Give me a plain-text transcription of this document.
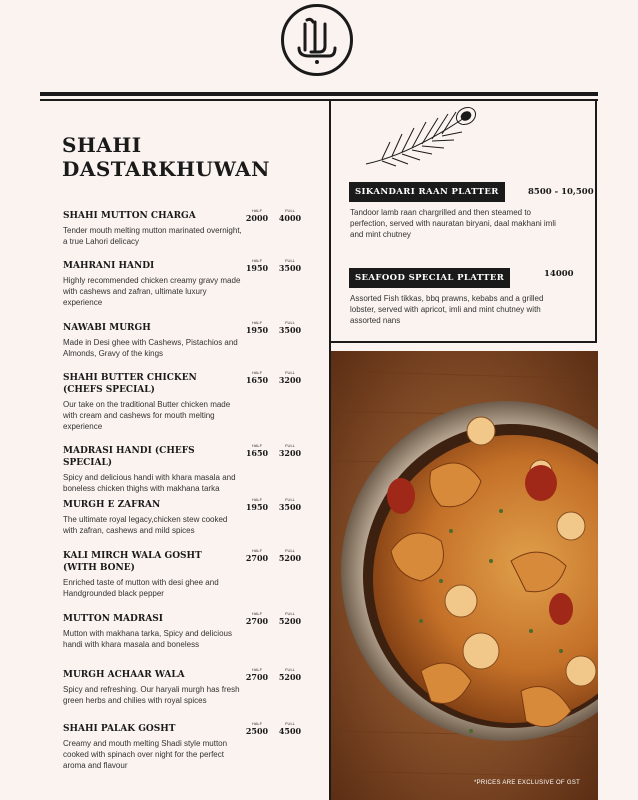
SHAHI
DASTARKHUWAN

SHAHI MUTTON CHARGA

Tender mouth melting mutton marinated overnight, a true Lahori delicacy

HALF
2000
FULL
4000

MAHRANI HANDI

Highly recommended chicken creamy gravy made with cashews and zafran, ultimate luxury experience

HALF
1950
FULL
3500

NAWABI MURGH

Made in Desi ghee with Cashews, Pistachios and Almonds, Gravy of the kings

HALF
1950
FULL
3500

SHAHI BUTTER CHICKEN (CHEFS SPECIAL)

Our take on the traditional Butter chicken made with cream and cashews for mouth melting experience

HALF
1650
FULL
3200

MADRASI HANDI (CHEFS SPECIAL)

Spicy and delicious handi with khara masala and boneless chicken thighs with makhana tarka

HALF
1650
FULL
3200

MURGH E ZAFRAN

The ultimate royal legacy,chicken stew cooked with zafran, cashews and mild spices

HALF
1950
FULL
3500

KALI MIRCH WALA GOSHT (WITH BONE)

Enriched taste of mutton with desi ghee and Handgrounded black pepper

HALF
2700
FULL
5200

MUTTON MADRASI

Mutton with makhana tarka, Spicy and delicious handi with khara masala and boneless

HALF
2700
FULL
5200

MURGH ACHAAR WALA

Spicy and refreshing. Our haryali murgh has fresh green herbs and chilies with royal spices

HALF
2700
FULL
5200

SHAHI PALAK GOSHT

Creamy and mouth melting Shadi style mutton cooked with spinach over night for the perfect aroma and flavour

HALF
2500
FULL
4500
SIKANDARI RAAN PLATTER	8500 - 10,500
Tandoor lamb raan chargrilled and then steamed to perfection, served with nauratan biryani, daal makhani imli and mint chutney
SEAFOOD SPECIAL PLATTER	14000
Assorted Fish tikkas, bbq prawns, kebabs and a grilled lobster, served with apricot, imli and mint chutney with assorted nans
*PRICES ARE EXCLUSIVE OF GST
